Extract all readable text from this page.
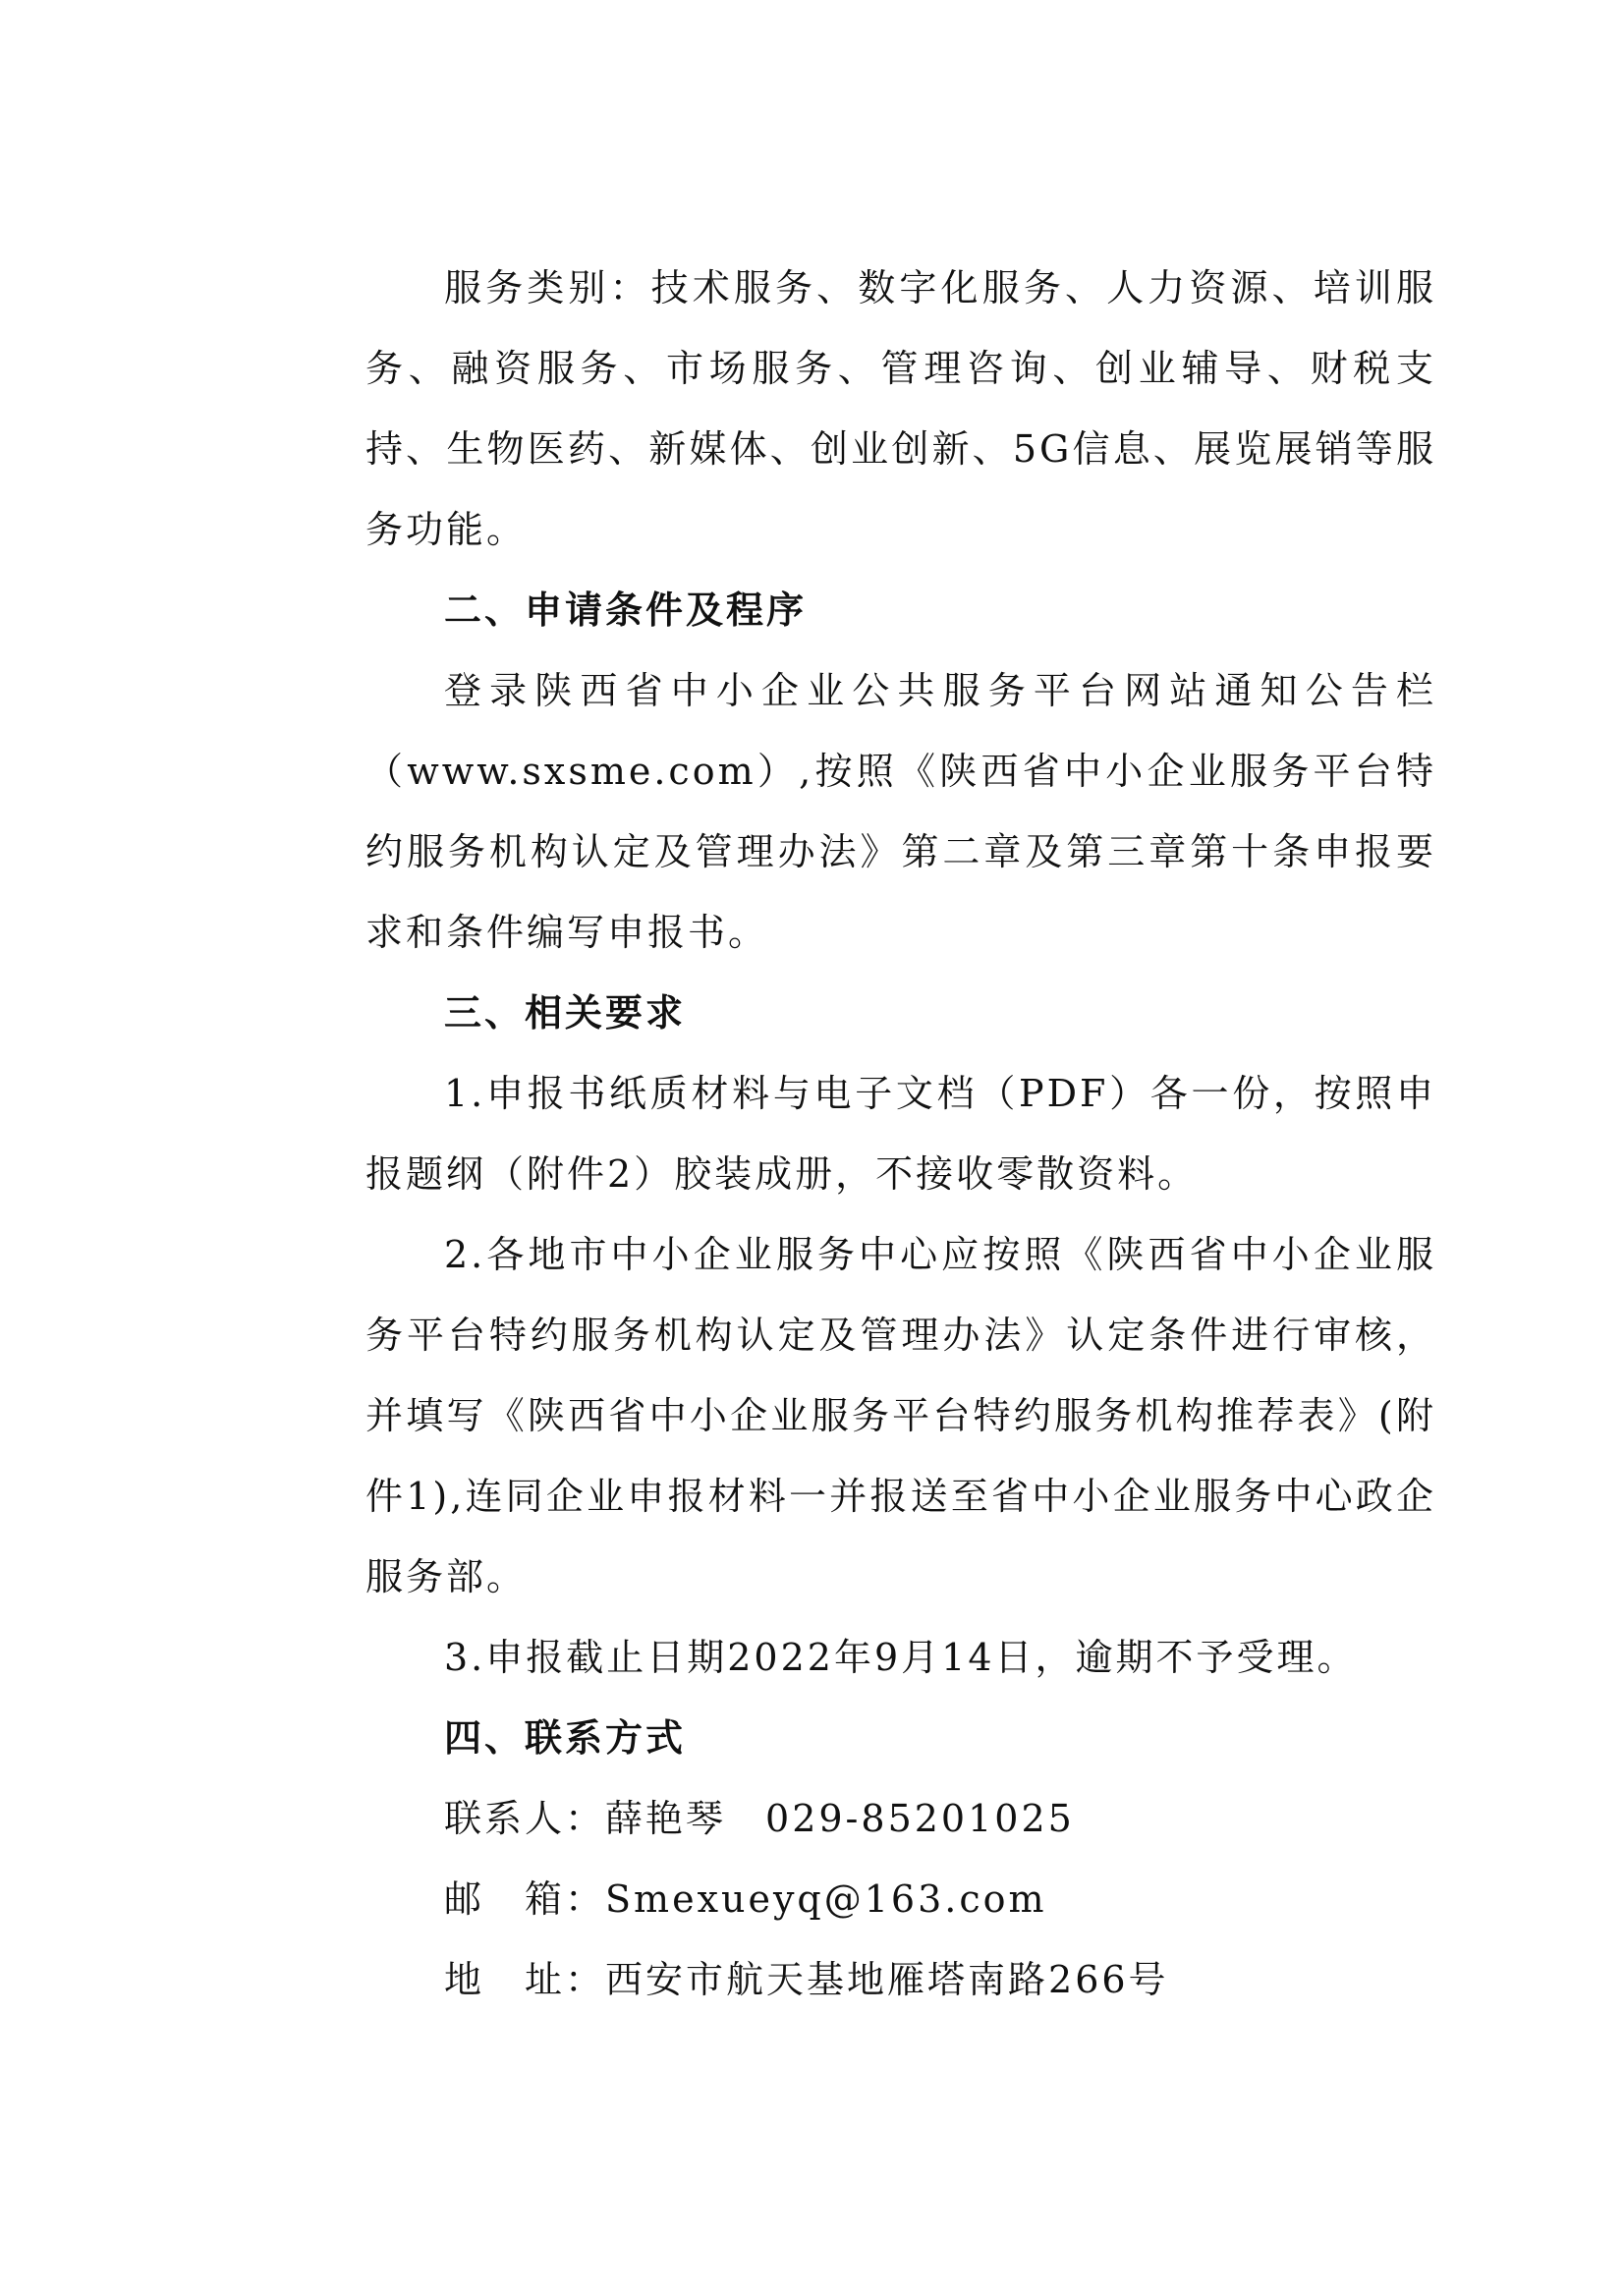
服务类别：技术服务、数字化服务、人力资源、培训服务、融资服务、市场服务、管理咨询、创业辅导、财税支持、生物医药、新媒体、创业创新、5G信息、展览展销等服务功能。

二、申请条件及程序

登录陕西省中小企业公共服务平台网站通知公告栏（www.sxsme.com）,按照《陕西省中小企业服务平台特约服务机构认定及管理办法》第二章及第三章第十条申报要求和条件编写申报书。

三、相关要求

1.申报书纸质材料与电子文档（PDF）各一份，按照申报题纲（附件2）胶装成册，不接收零散资料。

2.各地市中小企业服务中心应按照《陕西省中小企业服务平台特约服务机构认定及管理办法》认定条件进行审核，并填写《陕西省中小企业服务平台特约服务机构推荐表》(附件1),连同企业申报材料一并报送至省中小企业服务中心政企服务部。

3.申报截止日期2022年9月14日，逾期不予受理。

四、联系方式

联系人：薛艳琴 029-85201025

邮　箱：Smexueyq@163.com

地　址：西安市航天基地雁塔南路266号
